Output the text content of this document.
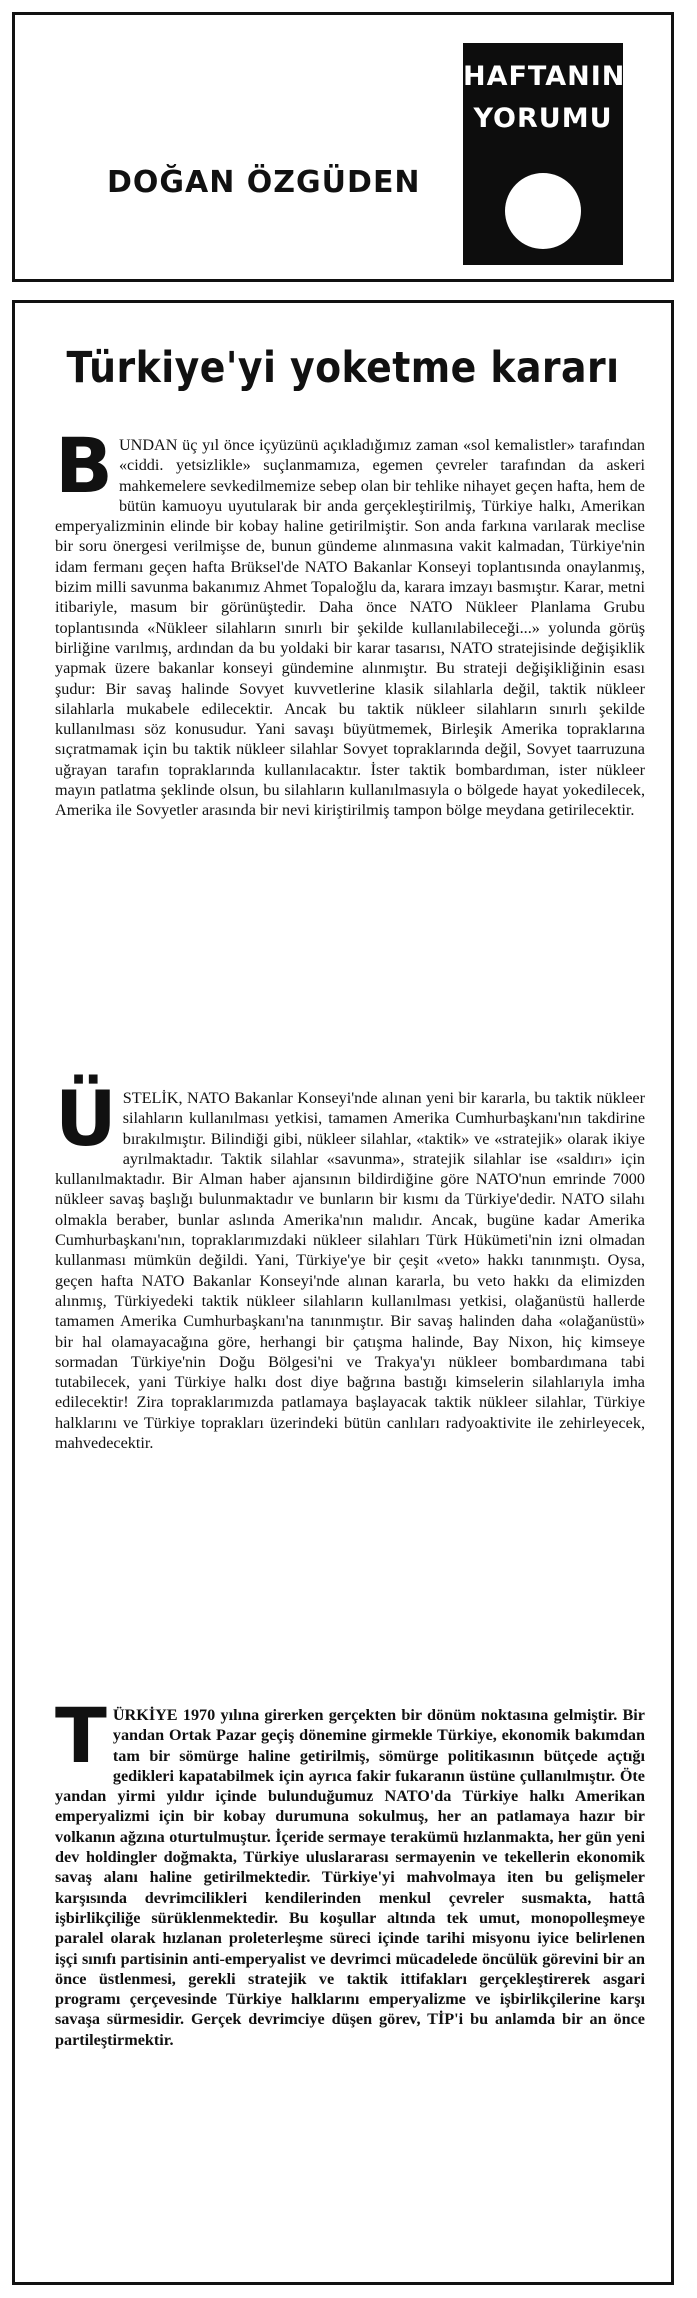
DOĞAN ÖZGÜDEN
HAFTANIN
YORUMU
Türkiye'yi yoketme kararı
BUNDAN üç yıl önce içyüzünü açıkladığımız zaman «sol kemalistler» tarafından «ciddi. yetsizlikle» suçlanmamıza, egemen çevreler tarafından da askeri mahkemelere sevkedilmemize sebep olan bir tehlike nihayet geçen hafta, hem de bütün kamuoyu uyutularak bir anda gerçekleştirilmiş, Türkiye halkı, Amerikan emperyalizminin elinde bir kobay haline getirilmiştir. Son anda farkına varılarak meclise bir soru önergesi verilmişse de, bunun gündeme alınmasına vakit kalmadan, Türkiye'nin idam fermanı geçen hafta Brüksel'de NATO Bakanlar Konseyi toplantısında onaylanmış, bizim milli savunma bakanımız Ahmet Topaloğlu da, karara imzayı basmıştır. Karar, metni itibariyle, masum bir görünüştedir. Daha önce NATO Nükleer Planlama Grubu toplantısında «Nükleer silahların sınırlı bir şekilde kullanılabileceği...» yolunda görüş birliğine varılmış, ardından da bu yoldaki bir karar tasarısı, NATO stratejisinde değişiklik yapmak üzere bakanlar konseyi gündemine alınmıştır. Bu strateji değişikliğinin esası şudur: Bir savaş halinde Sovyet kuvvetlerine klasik silahlarla değil, taktik nükleer silahlarla mukabele edilecektir. Ancak bu taktik nükleer silahların sınırlı şekilde kullanılması söz konusudur. Yani savaşı büyütmemek, Birleşik Amerika topraklarına sıçratmamak için bu taktik nükleer silahlar Sovyet topraklarında değil, Sovyet taarruzuna uğrayan tarafın topraklarında kullanılacaktır. İster taktik bombardıman, ister nükleer mayın patlatma şeklinde olsun, bu silahların kullanılmasıyla o bölgede hayat yokedilecek, Amerika ile Sovyetler arasında bir nevi kiriştirilmiş tampon bölge meydana getirilecektir.
ÜSTELİK, NATO Bakanlar Konseyi'nde alınan yeni bir kararla, bu taktik nükleer silahların kullanılması yetkisi, tamamen Amerika Cumhurbaşkanı'nın takdirine bırakılmıştır. Bilindiği gibi, nükleer silahlar, «taktik» ve «stratejik» olarak ikiye ayrılmaktadır. Taktik silahlar «savunma», stratejik silahlar ise «saldırı» için kullanılmaktadır. Bir Alman haber ajansının bildirdiğine göre NATO'nun emrinde 7000 nükleer savaş başlığı bulunmaktadır ve bunların bir kısmı da Türkiye'dedir. NATO silahı olmakla beraber, bunlar aslında Amerika'nın malıdır. Ancak, bugüne kadar Amerika Cumhurbaşkanı'nın, topraklarımızdaki nükleer silahları Türk Hükümeti'nin izni olmadan kullanması mümkün değildi. Yani, Türkiye'ye bir çeşit «veto» hakkı tanınmıştı. Oysa, geçen hafta NATO Bakanlar Konseyi'nde alınan kararla, bu veto hakkı da elimizden alınmış, Türkiyedeki taktik nükleer silahların kullanılması yetkisi, olağanüstü hallerde tamamen Amerika Cumhurbaşkanı'na tanınmıştır. Bir savaş halinden daha «olağanüstü» bir hal olamayacağına göre, herhangi bir çatışma halinde, Bay Nixon, hiç kimseye sormadan Türkiye'nin Doğu Bölgesi'ni ve Trakya'yı nükleer bombardımana tabi tutabilecek, yani Türkiye halkı dost diye bağrına bastığı kimselerin silahlarıyla imha edilecektir! Zira topraklarımızda patlamaya başlayacak taktik nükleer silahlar, Türkiye halklarını ve Türkiye toprakları üzerindeki bütün canlıları radyoaktivite ile zehirleyecek, mahvedecektir.
TÜRKİYE 1970 yılına girerken gerçekten bir dönüm noktasına gelmiştir. Bir yandan Ortak Pazar geçiş dönemine girmekle Türkiye, ekonomik bakımdan tam bir sömürge haline getirilmiş, sömürge politikasının bütçede açtığı gedikleri kapatabilmek için ayrıca fakir fukaranın üstüne çullanılmıştır. Öte yandan yirmi yıldır içinde bulunduğumuz NATO'da Türkiye halkı Amerikan emperyalizmi için bir kobay durumuna sokulmuş, her an patlamaya hazır bir volkanın ağzına oturtulmuştur. İçeride sermaye terakümü hızlanmakta, her gün yeni dev holdingler doğmakta, Türkiye uluslararası sermayenin ve tekellerin ekonomik savaş alanı haline getirilmektedir. Türkiye'yi mahvolmaya iten bu gelişmeler karşısında devrimcilikleri kendilerinden menkul çevreler susmakta, hattâ işbirlikçiliğe sürüklenmektedir. Bu koşullar altında tek umut, monopolleşmeye paralel olarak hızlanan proleterleşme süreci içinde tarihi misyonu iyice belirlenen işçi sınıfı partisinin anti-emperyalist ve devrimci mücadelede öncülük görevini bir an önce üstlenmesi, gerekli stratejik ve taktik ittifakları gerçekleştirerek asgari programı çerçevesinde Türkiye halklarını emperyalizme ve işbirlikçilerine karşı savaşa sürmesidir. Gerçek devrimciye düşen görev, TİP'i bu anlamda bir an önce partileştirmektir.
